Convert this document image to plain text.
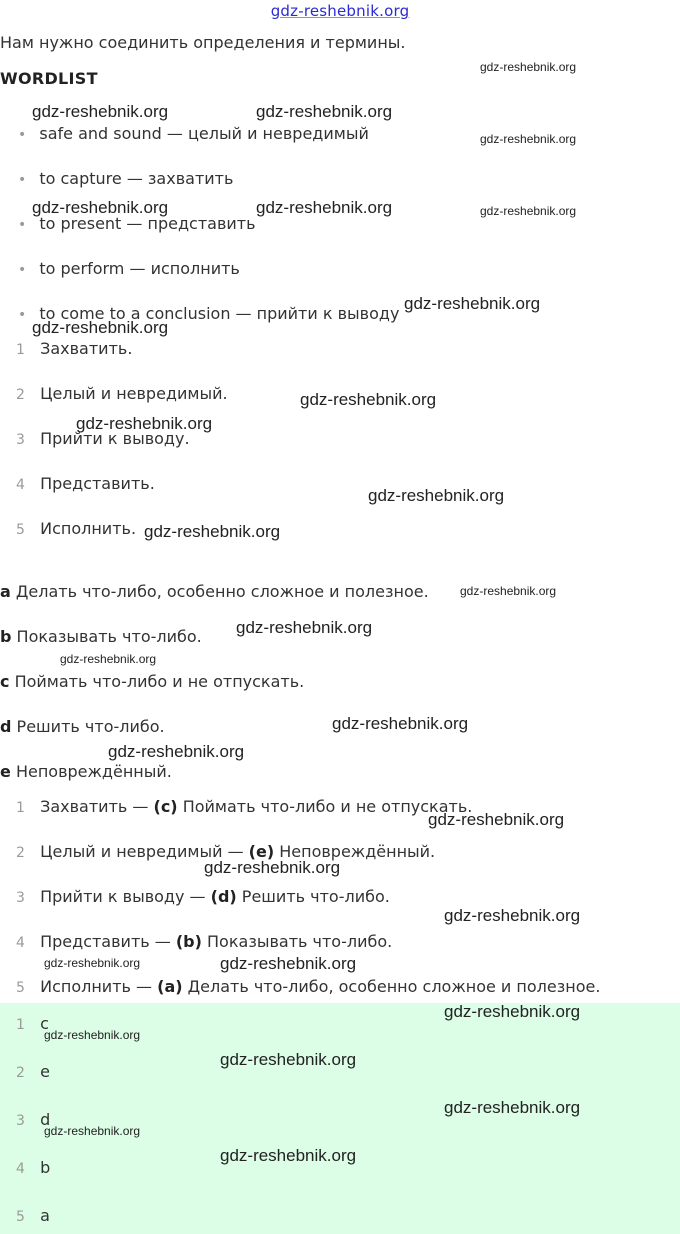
gdz-reshebnik.org
Нам нужно соединить определения и термины.
WORDLIST
• safe and sound — целый и невредимый
• to capture — захватить
• to present — представить
• to perform — исполнить
• to come to a conclusion — прийти к выводу
1 Захватить.
2 Целый и невредимый.
3 Прийти к выводу.
4 Представить.
5 Исполнить.
a Делать что-либо, особенно сложное и полезное.
b Показывать что-либо.
c Поймать что-либо и не отпускать.
d Решить что-либо.
e Неповреждённый.
1 Захватить — (c) Поймать что-либо и не отпускать.
2 Целый и невредимый — (e) Неповреждённый.
3 Прийти к выводу — (d) Решить что-либо.
4 Представить — (b) Показывать что-либо.
5 Исполнить — (a) Делать что-либо, особенно сложное и полезное.
1 c
2 e
3 d
4 b
5 a
gdz-reshebnik.org
gdz-reshebnik.org	gdz-reshebnik.org
gdz-reshebnik.org
gdz-reshebnik.org	gdz-reshebnik.org	gdz-reshebnik.org
gdz-reshebnik.org
gdz-reshebnik.org
gdz-reshebnik.org
gdz-reshebnik.org
gdz-reshebnik.org
gdz-reshebnik.org
gdz-reshebnik.org
gdz-reshebnik.org
gdz-reshebnik.org
gdz-reshebnik.org
gdz-reshebnik.org
gdz-reshebnik.org
gdz-reshebnik.org
gdz-reshebnik.org
gdz-reshebnik.org	gdz-reshebnik.org
gdz-reshebnik.org
gdz-reshebnik.org
gdz-reshebnik.org
gdz-reshebnik.org
gdz-reshebnik.org
gdz-reshebnik.org
